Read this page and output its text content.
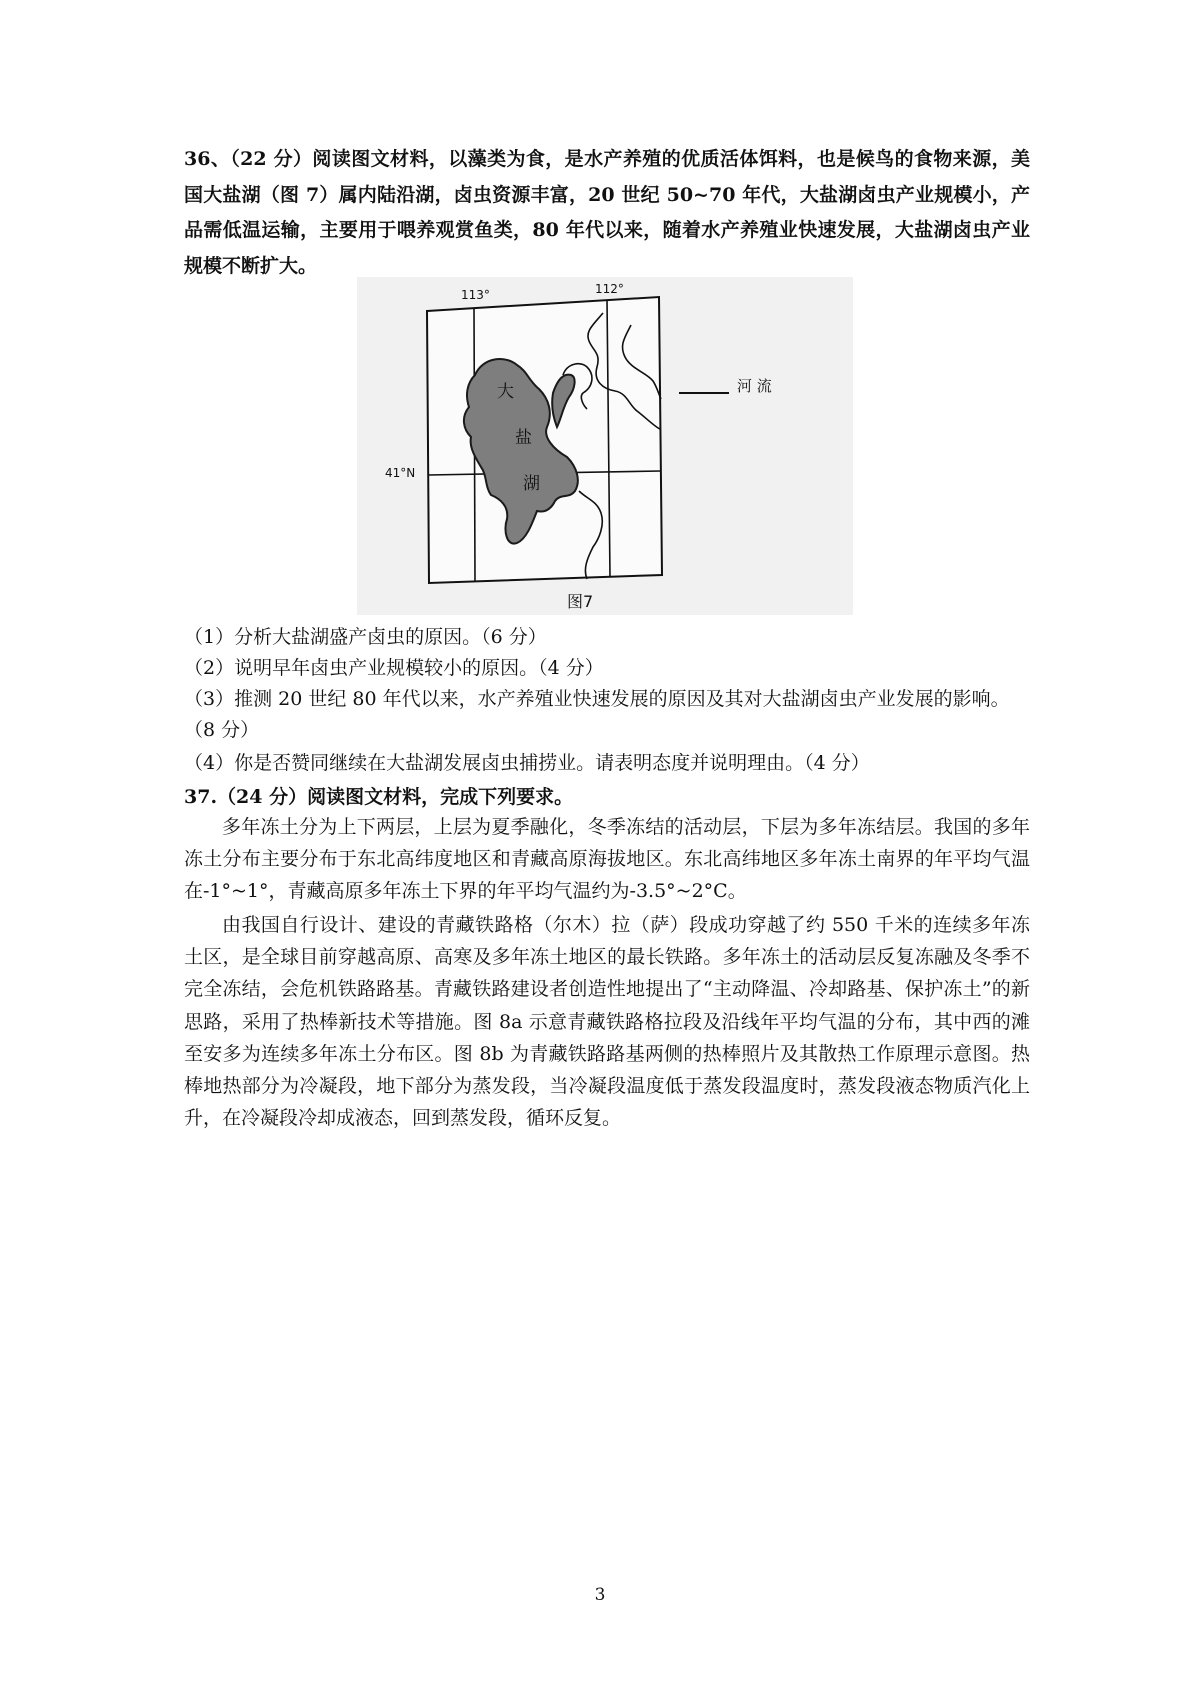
36、（22 分）阅读图文材料，以藻类为食，是水产养殖的优质活体饵料，也是候鸟的食物来源，美国大盐湖（图 7）属内陆沿湖，卤虫资源丰富，20 世纪 50~70 年代，大盐湖卤虫产业规模小，产品需低温运输，主要用于喂养观赏鱼类，80 年代以来，随着水产养殖业快速发展，大盐湖卤虫产业规模不断扩大。
大
盐
湖
113°	112°
41°N
河 流
图7

（1）分析大盐湖盛产卤虫的原因。（6 分）

（2）说明早年卤虫产业规模较小的原因。（4 分）

（3）推测 20 世纪 80 年代以来，水产养殖业快速发展的原因及其对大盐湖卤虫产业发展的影响。（8 分）

（4）你是否赞同继续在大盐湖发展卤虫捕捞业。请表明态度并说明理由。（4 分）

37.（24 分）阅读图文材料，完成下列要求。

多年冻土分为上下两层，上层为夏季融化，冬季冻结的活动层，下层为多年冻结层。我国的多年冻土分布主要分布于东北高纬度地区和青藏高原海拔地区。东北高纬地区多年冻土南界的年平均气温在-1°~1°，青藏高原多年冻土下界的年平均气温约为-3.5°~2°C。

由我国自行设计、建设的青藏铁路格（尔木）拉（萨）段成功穿越了约 550 千米的连续多年冻土区，是全球目前穿越高原、高寒及多年冻土地区的最长铁路。多年冻土的活动层反复冻融及冬季不完全冻结，会危机铁路路基。青藏铁路建设者创造性地提出了“主动降温、冷却路基、保护冻土”的新思路，采用了热棒新技术等措施。图 8a 示意青藏铁路格拉段及沿线年平均气温的分布，其中西的滩至安多为连续多年冻土分布区。图 8b 为青藏铁路路基两侧的热棒照片及其散热工作原理示意图。热棒地热部分为冷凝段，地下部分为蒸发段，当冷凝段温度低于蒸发段温度时，蒸发段液态物质汽化上升，在冷凝段冷却成液态，回到蒸发段，循环反复。

3
